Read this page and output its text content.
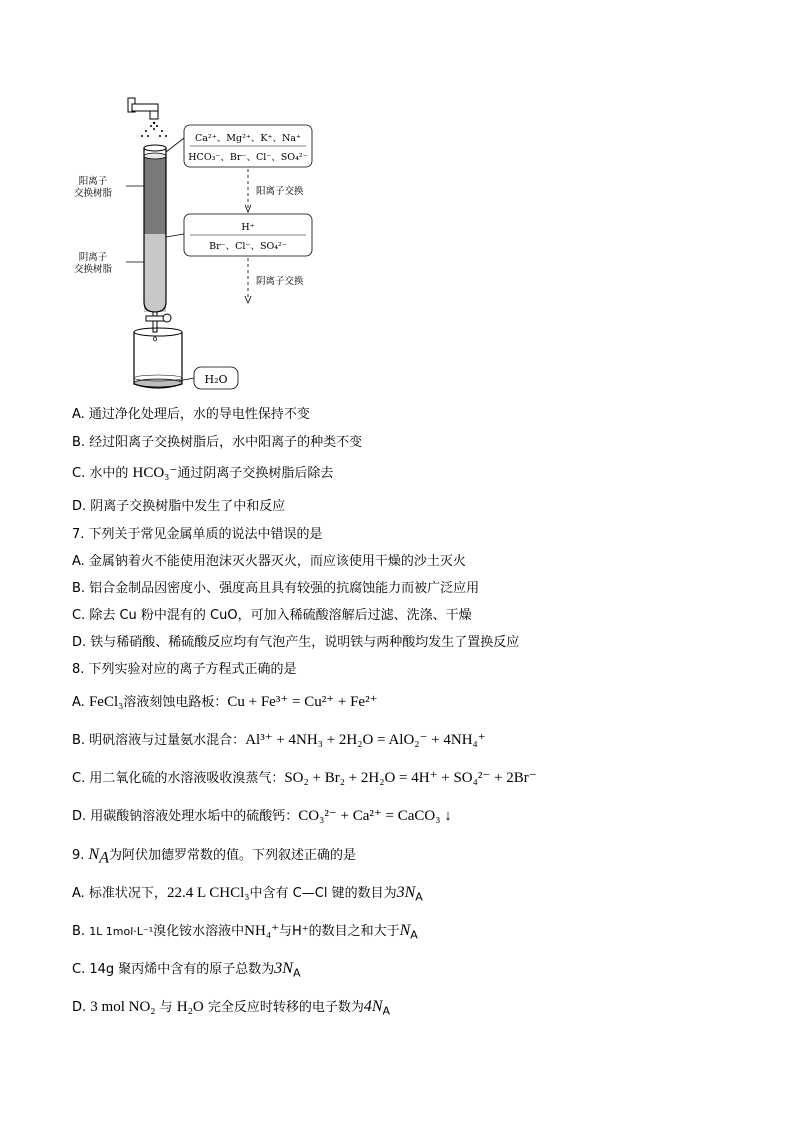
H₂O
Ca²⁺、Mg²⁺、K⁺、Na⁺
HCO₃⁻、Br⁻、Cl⁻、SO₄²⁻
阳离子交换
H⁺
Br⁻、Cl⁻、SO₄²⁻
阴离子交换
阳离子
交换树脂
阴离子
交换树脂
A. 通过净化处理后，水的导电性保持不变
B. 经过阳离子交换树脂后，水中阳离子的种类不变
C. 水中的 HCO₃⁻通过阴离子交换树脂后除去
D. 阴离子交换树脂中发生了中和反应
7. 下列关于常见金属单质的说法中错误的是
A. 金属钠着火不能使用泡沫灭火器灭火，而应该使用干燥的沙土灭火
B. 铝合金制品因密度小、强度高且具有较强的抗腐蚀能力而被广泛应用
C. 除去 Cu 粉中混有的 CuO，可加入稀硫酸溶解后过滤、洗涤、干燥
D. 铁与稀硝酸、稀硫酸反应均有气泡产生，说明铁与两种酸均发生了置换反应
8. 下列实验对应的离子方程式正确的是
A. FeCl₃溶液刻蚀电路板：Cu + Fe³⁺ = Cu²⁺ + Fe²⁺
B. 明矾溶液与过量氨水混合：Al³⁺ + 4NH₃ + 2H₂O = AlO₂⁻ + 4NH₄⁺
C. 用二氧化硫的水溶液吸收溴蒸气：SO₂ + Br₂ + 2H₂O = 4H⁺ + SO₄²⁻ + 2Br⁻
D. 用碳酸钠溶液处理水垢中的硫酸钙：CO₃²⁻ + Ca²⁺ = CaCO₃ ↓
9. $N_A$为阿伏加德罗常数的值。下列叙述正确的是
A. 标准状况下，22.4 L CHCl₃中含有 C—Cl 键的数目为$3N_A$
B. 1L 1mol·L⁻¹溴化铵水溶液中NH₄⁺与H⁺的数目之和大于$N_A$
C. 14g 聚丙烯中含有的原子总数为$3N_A$
D. 3 mol NO₂ 与 H₂O 完全反应时转移的电子数为$4N_A$
